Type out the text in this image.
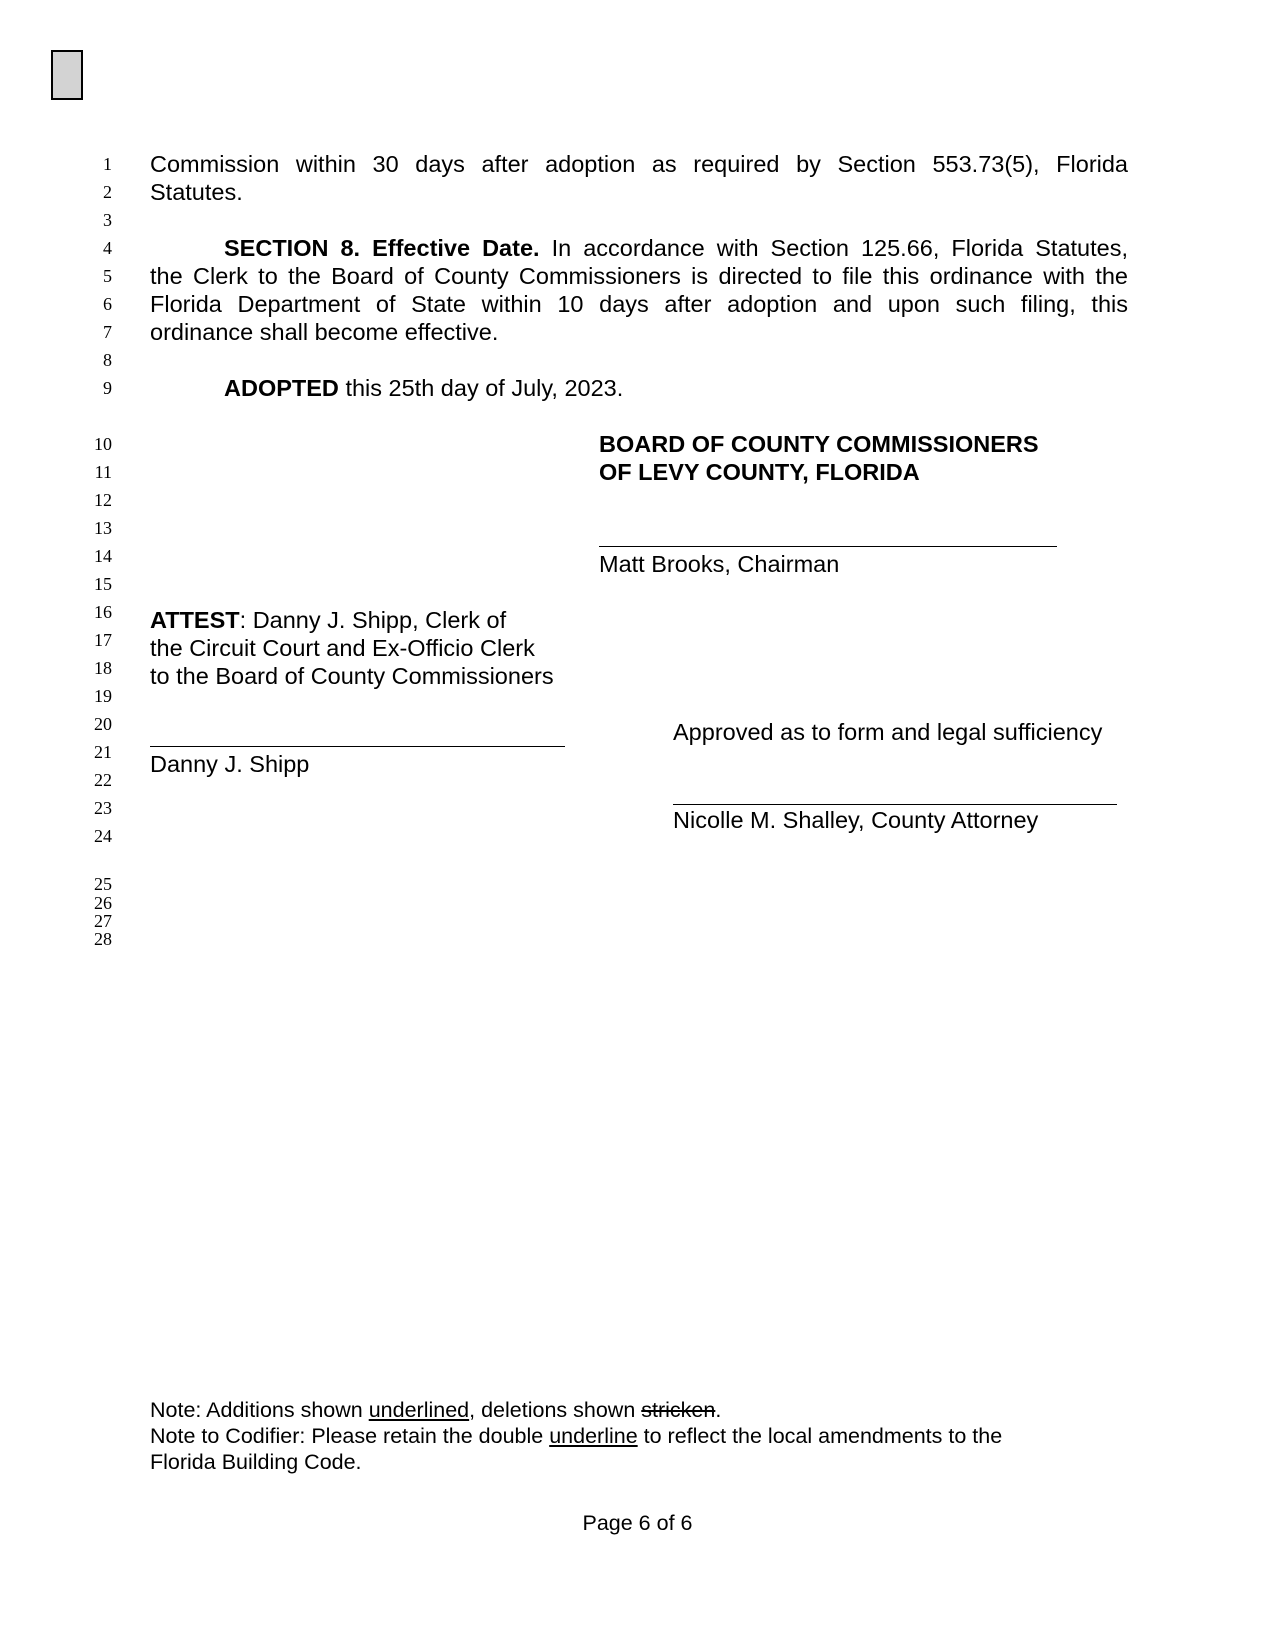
1
2
3
4
5
6
7
8
9
10
11
12
13
14
15
16
17
18
19
20
21
22
23
24
25
26
27
28
Commission within 30 days after adoption as required by Section 553.73(5), Florida
Statutes.
SECTION 8. Effective Date. In accordance with Section 125.66, Florida Statutes,
the Clerk to the Board of County Commissioners is directed to file this ordinance with the
Florida Department of State within 10 days after adoption and upon such filing, this
ordinance shall become effective.
ADOPTED this 25th day of July, 2023.
BOARD OF COUNTY COMMISSIONERS
OF LEVY COUNTY, FLORIDA
Matt Brooks, Chairman
ATTEST: Danny J. Shipp, Clerk of
the Circuit Court and Ex-Officio Clerk
to the Board of County Commissioners
Danny J. Shipp
Approved as to form and legal sufficiency
Nicolle M. Shalley, County Attorney
Note: Additions shown underlined, deletions shown stricken.
Note to Codifier: Please retain the double underline to reflect the local amendments to the
Florida Building Code.
Page 6 of 6
